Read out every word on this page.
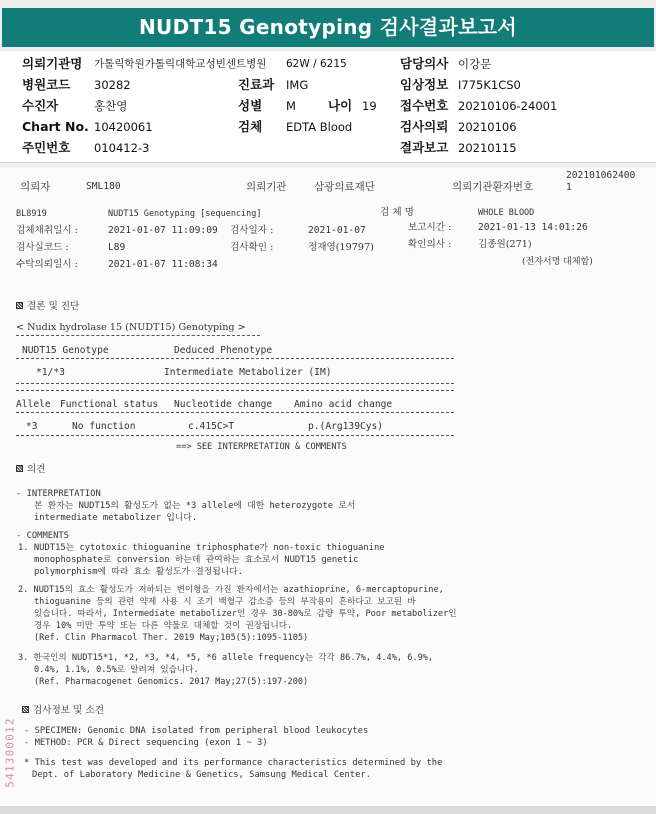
NUDT15 Genotyping 검사결과보고서
의뢰기관명 가톨릭학원가톨릭대학교성빈센트병원 62W / 6215	담당의사 이강문
병원코드 30282	진료과 IMG	임상정보 I775K1CS0
수진자	홍찬영	성별 M	나이 19 접수번호 20210106-24001
Chart No. 10420061	검체 EDTA Blood	검사의뢰 20210106
주민번호 010412-3	결과보고 20210115
의뢰자	SML180	의뢰기관	삼광의료재단	의뢰기관환자번호
202101062400
1
BL8919	NUDT15 Genotyping [sequencing]	검 체 명	WHOLE BLOOD
검체채취일시 :	2021-01-07 11:09:09 검사일자 :	2021-01-07	보고시간 :	2021-01-13 14:01:26
검사실코드 :	L89	검사확인 :	정재영(19797)	확인의사 :	김종원(271)
수탁의뢰일시 :	2021-01-07 11:08:34	(전자서명 대체함)
결론 및 진단
< Nudix hydrolase 15 (NUDT15) Genotyping >
NUDT15 Genotype	Deduced Phenotype
*1/*3	Intermediate Metabolizer (IM)
Allele Functional status Nucleotide change Amino acid change
*3	No function	c.415C>T	p.(Arg139Cys)
==> SEE INTERPRETATION & COMMENTS
의견
- INTERPRETATION
본 환자는 NUDT15의 활성도가 없는 *3 allele에 대한 heterozygote 로서
intermediate metabolizer 입니다.
- COMMENTS
1. NUDT15는 cytotoxic thioguanine triphosphate가 non-toxic thioguanine
monophosphate로 conversion 하는데 관여하는 효소로서 NUDT15 genetic
polymorphism에 따라 효소 활성도가 결정됩니다.
2. NUDT15의 효소 활성도가 저하되는 변이형을 가진 환자에서는 azathioprine, 6-mercaptopurine,
thioguanine 등의 관련 약제 사용 시 조기 백혈구 감소증 등의 부작용이 흔하다고 보고된 바
있습니다. 따라서, Intermediate metabolizer인 경우 30-80%로 감량 투약, Poor metabolizer인
경우 10% 미만 투약 또는 다른 약물로 대체할 것이 권장됩니다.
(Ref. Clin Pharmacol Ther. 2019 May;105(5):1095-1105)
3. 한국인의 NUDT15*1, *2, *3, *4, *5, *6 allele frequency는 각각 86.7%, 4.4%, 6.9%,
0.4%, 1.1%, 0.5%로 알려져 있습니다.
(Ref. Pharmacogenet Genomics. 2017 May;27(5):197-200)
검사정보 및 소견
- SPECIMEN: Genomic DNA isolated from peripheral blood leukocytes
- METHOD: PCR & Direct sequencing (exon 1 ~ 3)
* This test was developed and its performance characteristics determined by the
Dept. of Laboratory Medicine & Genetics, Samsung Medical Center.
541300012
